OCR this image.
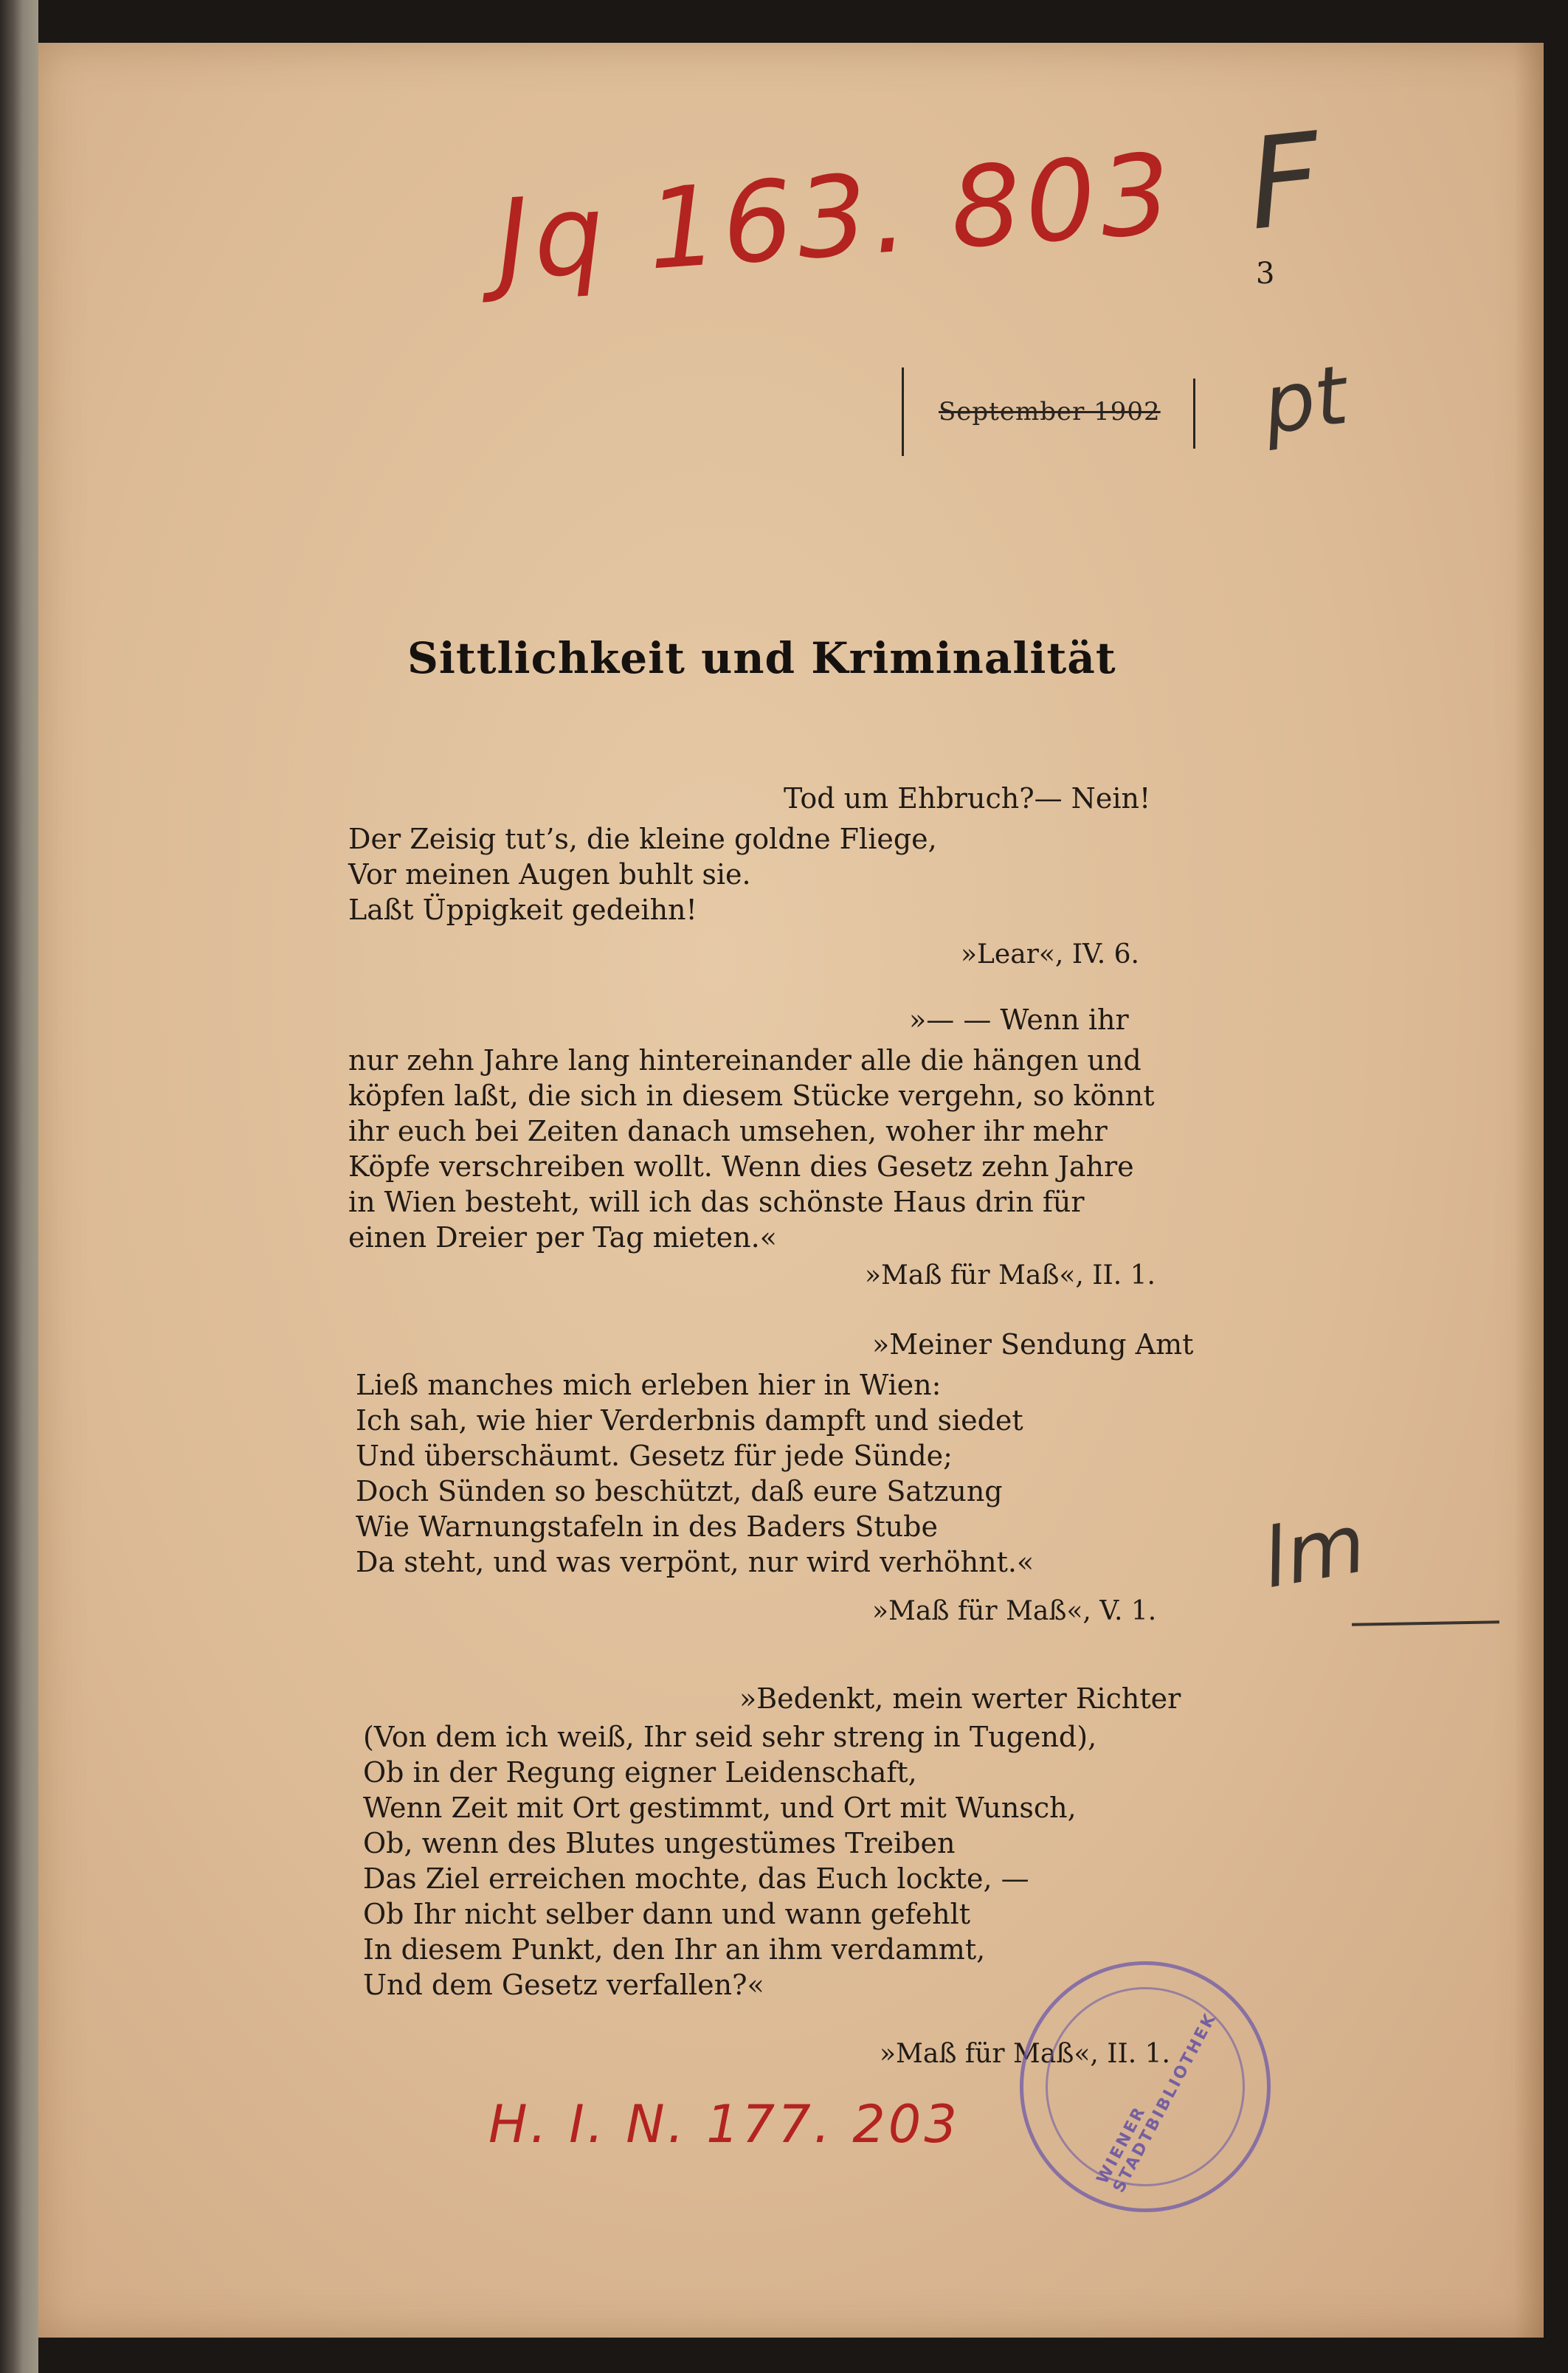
Jq 163. 803 F
3
September 1902 pt
Sittlichkeit und Kriminalität
Tod um Ehbruch?— Nein!
Der Zeisig tut’s, die kleine goldne Fliege,
Vor meinen Augen buhlt sie.
Laßt Üppigkeit gedeihn!
»Lear«, IV. 6.
»— — Wenn ihr
nur zehn Jahre lang hintereinander alle die hängen und
köpfen laßt, die sich in diesem Stücke vergehn, so könnt
ihr euch bei Zeiten danach umsehen, woher ihr mehr
Köpfe verschreiben wollt. Wenn dies Gesetz zehn Jahre
in Wien besteht, will ich das schönste Haus drin für
einen Dreier per Tag mieten.«
»Maß für Maß«, II. 1.
»Meiner Sendung Amt
Ließ manches mich erleben hier in Wien:
Ich sah, wie hier Verderbnis dampft und siedet
Und überschäumt. Gesetz für jede Sünde;
Doch Sünden so beschützt, daß eure Satzung
Wie Warnungstafeln in des Baders Stube
Da steht, und was verpönt, nur wird verhöhnt.«
»Maß für Maß«, V. 1.
lm
»Bedenkt, mein werter Richter
(Von dem ich weiß, Ihr seid sehr streng in Tugend),
Ob in der Regung eigner Leidenschaft,
Wenn Zeit mit Ort gestimmt, und Ort mit Wunsch,
Ob, wenn des Blutes ungestümes Treiben
Das Ziel erreichen mochte, das Euch lockte, —
Ob Ihr nicht selber dann und wann gefehlt
In diesem Punkt, den Ihr an ihm verdammt,
Und dem Gesetz verfallen?«
»Maß für Maß«, II. 1.
WIENER STADTBIBLIOTHEK
H. I. N. 177. 203
